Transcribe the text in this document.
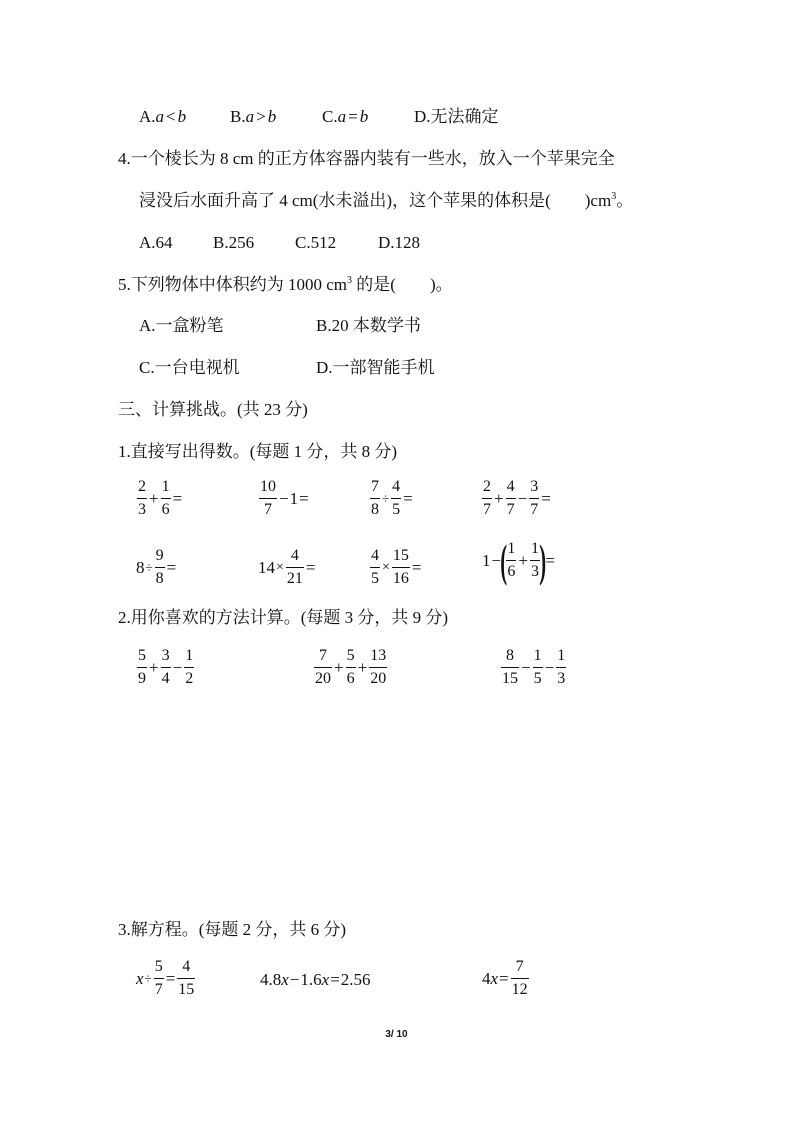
A.a < b	B.a > b	C.a = b	D.无法确定
4.一个棱长为 8 cm 的正方体容器内装有一些水，放入一个苹果完全
浸没后水面升高了 4 cm(水未溢出)，这个苹果的体积是(　　)$cm^3$。
A.64 B.256 C.512 D.128
5.下列物体中体积约为 1000 $cm^3$ 的是(　　)。
A.一盒粉笔	B.20 本数学书
C.一台电视机	D.一部智能手机
三、计算挑战。(共 23 分)
1.直接写出得数。(每题 1 分，共 8 分)
$\frac{2}{3} + \frac{1}{6}$ =	$\frac{10}{7} -1=$	$\frac{7}{8} \div \frac{4}{5}$ =	$\frac{2}{7} + \frac{4}{7} - \frac{3}{7}$ =
$8\div \frac{9}{8}$ =	$14\times \frac{4}{21}$ =	$\frac{4}{5} \times \frac{15}{16}$ =	$1-( \frac{1}{6} + \frac{1}{3}$ )=
2.用你喜欢的方法计算。(每题 3 分，共 9 分)
$\frac{5}{9} + \frac{3}{4} - \frac{1}{2}$	$\frac{7}{20} + \frac{5}{6} + \frac{13}{20}$	$\frac{8}{15} - \frac{1}{5} - \frac{1}{3}$
3.解方程。(每题 2 分，共 6 分)
$x\div \frac{5}{7} = \frac{4}{15}$	4.8x−1.6x=2.56	$4x= \frac{7}{12}$
3/ 10
